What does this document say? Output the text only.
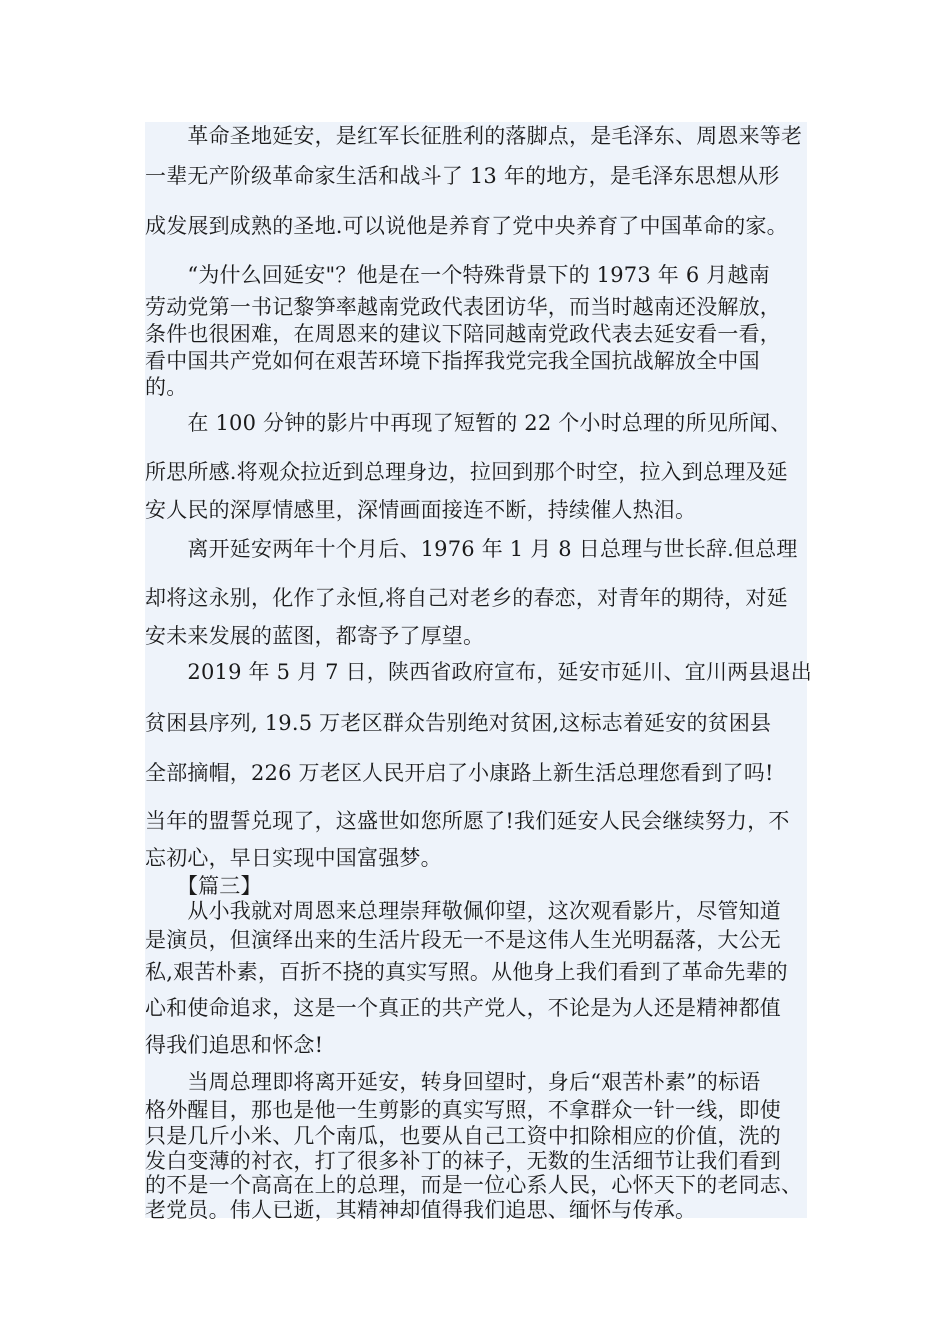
　　革命圣地延安，是红军长征胜利的落脚点，是毛泽东、周恩来等老
一辈无产阶级革命家生活和战斗了 13 年的地方，是毛泽东思想从形
成发展到成熟的圣地.可以说他是养育了党中央养育了中国革命的家。
　　“为什么回延安"？他是在一个特殊背景下的 1973 年 6 月越南
劳动党第一书记黎笋率越南党政代表团访华，而当时越南还没解放，
条件也很困难，在周恩来的建议下陪同越南党政代表去延安看一看，
看中国共产党如何在艰苦环境下指挥我党完我全国抗战解放全中国
的。
　　在 100 分钟的影片中再现了短暂的 22 个小时总理的所见所闻、
所思所感.将观众拉近到总理身边，拉回到那个时空，拉入到总理及延
安人民的深厚情感里，深情画面接连不断，持续催人热泪。
　　离开延安两年十个月后、1976 年 1 月 8 日总理与世长辞.但总理
却将这永别，化作了永恒,将自己对老乡的春恋，对青年的期待，对延
安未来发展的蓝图，都寄予了厚望。
　　2019 年 5 月 7 日，陕西省政府宣布，延安市延川、宜川两县退出
贫困县序列, 19.5 万老区群众告别绝对贫困,这标志着延安的贫困县
全部摘帽，226 万老区人民开启了小康路上新生活总理您看到了吗!
当年的盟誓兑现了，这盛世如您所愿了!我们延安人民会继续努力，不
忘初心，早日实现中国富强梦。
　　【篇三】
　　从小我就对周恩来总理崇拜敬佩仰望，这次观看影片，尽管知道
是演员，但演绎出来的生活片段无一不是这伟人生光明磊落，大公无
私,艰苦朴素，百折不挠的真实写照。从他身上我们看到了革命先辈的
心和使命追求，这是一个真正的共产党人，不论是为人还是精神都值
得我们追思和怀念!
　　当周总理即将离开延安，转身回望时，身后“艰苦朴素”的标语
格外醒目，那也是他一生剪影的真实写照，不拿群众一针一线，即使
只是几斤小米、几个南瓜，也要从自己工资中扣除相应的价值，洗的
发白变薄的衬衣，打了很多补丁的袜子，无数的生活细节让我们看到
的不是一个高高在上的总理，而是一位心系人民，心怀天下的老同志、
老党员。伟人已逝，其精神却值得我们追思、缅怀与传承。
